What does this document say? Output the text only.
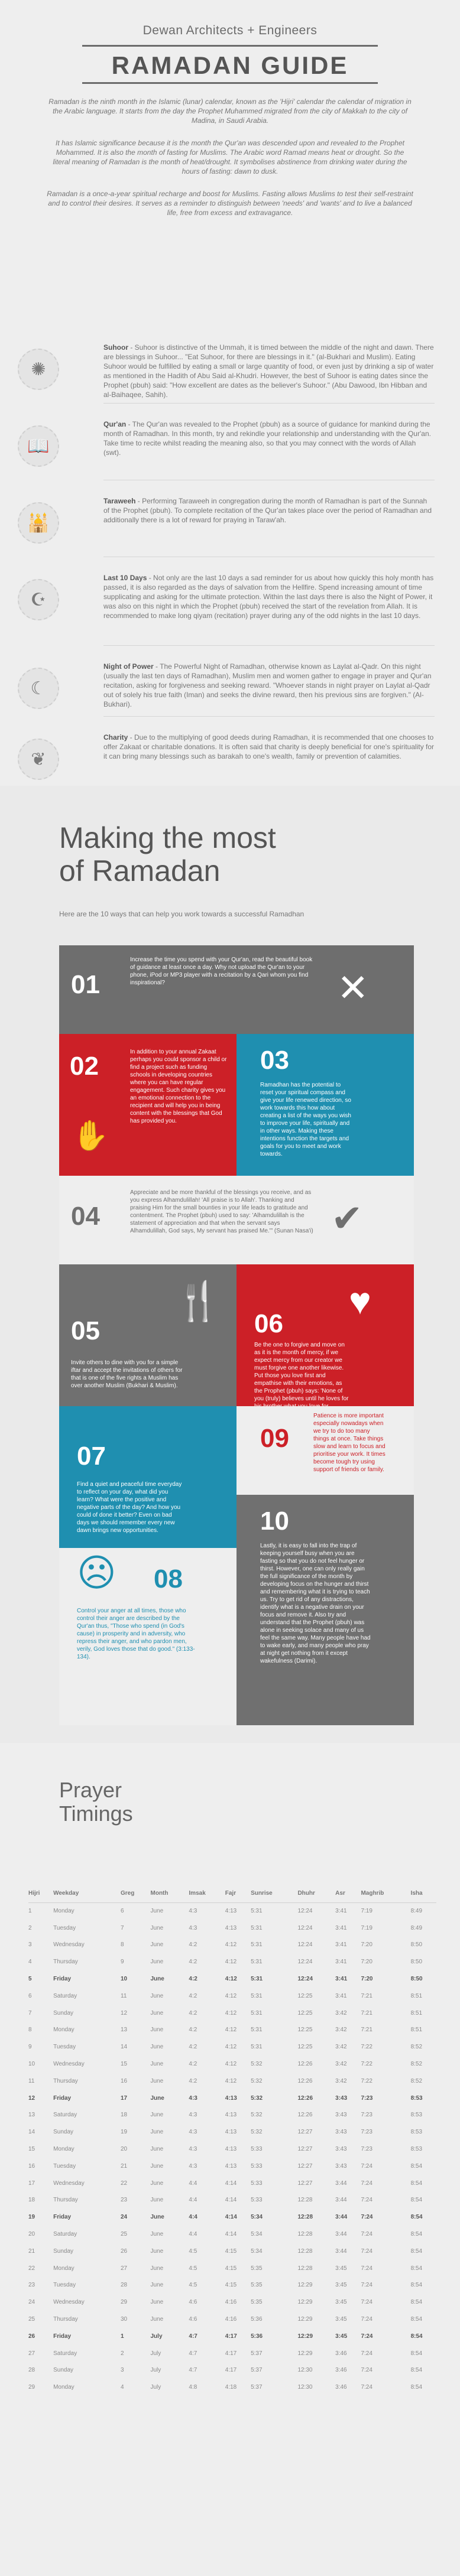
Dewan Architects + Engineers
RAMADAN GUIDE

Ramadan is the ninth month in the Islamic (lunar) calendar, known as the 'Hijri' calendar the calendar of migration in the Arabic language. It starts from the day the Prophet Muhammed migrated from the city of Makkah to the city of Madina, in Saudi Arabia.

It has Islamic significance because it is the month the Qur'an was descended upon and revealed to the Prophet Mohammed. It is also the month of fasting for Muslims. The Arabic word Ramad means heat or drought. So the literal meaning of Ramadan is the month of heat/drought. It symbolises abstinence from drinking water during the hours of fasting: dawn to dusk.

Ramadan is a once-a-year spiritual recharge and boost for Muslims. Fasting allows Muslims to test their self-restraint and to control their desires. It serves as a reminder to distinguish between 'needs' and 'wants' and to live a balanced life, free from excess and extravagance.

✺
Suhoor - Suhoor is distinctive of the Ummah, it is timed between the middle of the night and dawn. There are blessings in Suhoor... "Eat Suhoor, for there are blessings in it." (al-Bukhari and Muslim). Eating Suhoor would be fulfilled by eating a small or large quantity of food, or even just by drinking a sip of water as mentioned in the Hadith of Abu Said al-Khudri. However, the best of Suhoor is eating dates since the Prophet (pbuh) said: "How excellent are dates as the believer's Suhoor." (Abu Dawood, Ibn Hibban and al-Baihaqee, Sahih).
📖
Qur'an - The Qur'an was revealed to the Prophet (pbuh) as a source of guidance for mankind during the month of Ramadhan. In this month, try and rekindle your relationship and understanding with the Qur'an. Take time to recite whilst reading the meaning also, so that you may connect with the words of Allah (swt).
🕌
Taraweeh - Performing Taraweeh in congregation during the month of Ramadhan is part of the Sunnah of the Prophet (pbuh). To complete recitation of the Qur'an takes place over the period of Ramadhan and additionally there is a lot of reward for praying in Taraw'ah.
☪
Last 10 Days - Not only are the last 10 days a sad reminder for us about how quickly this holy month has passed, it is also regarded as the days of salvation from the Hellfire. Spend increasing amount of time supplicating and asking for the ultimate protection. Within the last days there is also the Night of Power, it was also on this night in which the Prophet (pbuh) received the start of the revelation from Allah. It is recommended to make long qiyam (recitation) prayer during any of the odd nights in the last 10 days.
☾
Night of Power - The Powerful Night of Ramadhan, otherwise known as Laylat al-Qadr. On this night (usually the last ten days of Ramadhan), Muslim men and women gather to engage in prayer and Qur'an recitation, asking for forgiveness and seeking reward. "Whoever stands in night prayer on Laylat al-Qadr out of solely his true faith (Iman) and seeks the divine reward, then his previous sins are forgiven." (Al-Bukhari).
❦
Charity - Due to the multiplying of good deeds during Ramadhan, it is recommended that one chooses to offer Zakaat or charitable donations. It is often said that charity is deeply beneficial for one's spirituality for it can bring many blessings such as barakah to one's wealth, family or prevention of calamities.
Making the most
of Ramadan
Here are the 10 ways that can help you work towards a successful Ramadhan
01
Increase the time you spend with your Qur'an, read the beautiful book of guidance at least once a day. Why not upload the Qur'an to your phone, iPod or MP3 player with a recitation by a Qari whom you find inspirational?	✕
02	In addition to your annual Zakaat perhaps you could sponsor a child or find a project such as funding schools in developing countries where you can have regular engagement. Such charity gives you an emotional connection to the recipient and will help you in being content with the blessings that God has provided you.
✋
03
Ramadhan has the potential to reset your spiritual compass and give your life renewed direction, so work towards this how about creating a list of the ways you wish to improve your life, spiritually and in other ways. Making these intentions function the targets and goals for you to meet and work towards.
04
Appreciate and be more thankful of the blessings you receive, and as you express Alhamdulillah! 'All praise is to Allah'. Thanking and praising Him for the small bounties in your life leads to gratitude and contentment. The Prophet (pbuh) used to say: 'Alhamdulillah is the statement of appreciation and that when the servant says Alhamdulillah, God says, My servant has praised Me.'" (Sunan Nasa'i) ✔
05
Invite others to dine with you for a simple iftar and accept the invitations of others for that is one of the five rights a Muslim has over another Muslim (Bukhari & Muslim).
🍴
06
Be the one to forgive and move on as it is the month of mercy, if we expect mercy from our creator we must forgive one another likewise. Put those you love first and empathise with their emotions, as the Prophet (pbuh) says: 'None of you (truly) believes until he loves for
♥
07
Find a quiet and peaceful time everyday to reflect on your day, what did you learn? What were the positive and negative parts of the day? And how you could of done it better? Even on bad days we should remember every new dawn brings new opportunities.
09
Patience is more important especially nowadays when we try to do too many things at once. Take things slow and learn to focus and prioritise your work. It times become tough try using support of friends or family.
☹ 08
Control your anger at all times, those who control their anger are described by the Qur'an thus, "Those who spend (in God's cause) in prosperity and in adversity, who repress their anger, and who pardon men, verily, God loves those that do good." (3:133-134).
10
Lastly, it is easy to fall into the trap of keeping yourself busy when you are fasting so that you do not feel hunger or thirst. However, one can only really gain the full significance of the month by developing focus on the hunger and thirst and remembering what it is trying to teach us. Try to get rid of any distractions, identify what is a negative drain on your focus and remove it. Also try and understand that the Prophet (pbuh) was alone in seeking solace and many of us feel the same way. Many people have had to wake early, and many people who pray at night get nothing from it except wakefulness (Darimi).
Prayer
Timings
Hijri	Weekday	Greg	Month	Imsak	Fajr	Sunrise	Dhuhr	Asr	Maghrib	Isha
1	Monday	6	June	4:3	4:13	5:31	12:24	3:41	7:19	8:49
2	Tuesday	7	June	4:3	4:13	5:31	12:24	3:41	7:19	8:49
3	Wednesday	8	June	4:2	4:12	5:31	12:24	3:41	7:20	8:50
4	Thursday	9	June	4:2	4:12	5:31	12:24	3:41	7:20	8:50
5	Friday	10	June	4:2	4:12	5:31	12:24	3:41	7:20	8:50
6	Saturday	11	June	4:2	4:12	5:31	12:25	3:41	7:21	8:51
7	Sunday	12	June	4:2	4:12	5:31	12:25	3:42	7:21	8:51
8	Monday	13	June	4:2	4:12	5:31	12:25	3:42	7:21	8:51
9	Tuesday	14	June	4:2	4:12	5:31	12:25	3:42	7:22	8:52
10	Wednesday	15	June	4:2	4:12	5:32	12:26	3:42	7:22	8:52
11	Thursday	16	June	4:2	4:12	5:32	12:26	3:42	7:22	8:52
12	Friday	17	June	4:3	4:13	5:32	12:26	3:43	7:23	8:53
13	Saturday	18	June	4:3	4:13	5:32	12:26	3:43	7:23	8:53
14	Sunday	19	June	4:3	4:13	5:32	12:27	3:43	7:23	8:53
15	Monday	20	June	4:3	4:13	5:33	12:27	3:43	7:23	8:53
16	Tuesday	21	June	4:3	4:13	5:33	12:27	3:43	7:24	8:54
17	Wednesday	22	June	4:4	4:14	5:33	12:27	3:44	7:24	8:54
18	Thursday	23	June	4:4	4:14	5:33	12:28	3:44	7:24	8:54
19	Friday	24	June	4:4	4:14	5:34	12:28	3:44	7:24	8:54
20	Saturday	25	June	4:4	4:14	5:34	12:28	3:44	7:24	8:54
21	Sunday	26	June	4:5	4:15	5:34	12:28	3:44	7:24	8:54
22	Monday	27	June	4:5	4:15	5:35	12:28	3:45	7:24	8:54
23	Tuesday	28	June	4:5	4:15	5:35	12:29	3:45	7:24	8:54
24	Wednesday	29	June	4:6	4:16	5:35	12:29	3:45	7:24	8:54
25	Thursday	30	June	4:6	4:16	5:36	12:29	3:45	7:24	8:54
26	Friday	1	July	4:7	4:17	5:36	12:29	3:45	7:24	8:54
27	Saturday	2	July	4:7	4:17	5:37	12:29	3:46	7:24	8:54
28	Sunday	3	July	4:7	4:17	5:37	12:30	3:46	7:24	8:54
29	Monday	4	July	4:8	4:18	5:37	12:30	3:46	7:24	8:54
